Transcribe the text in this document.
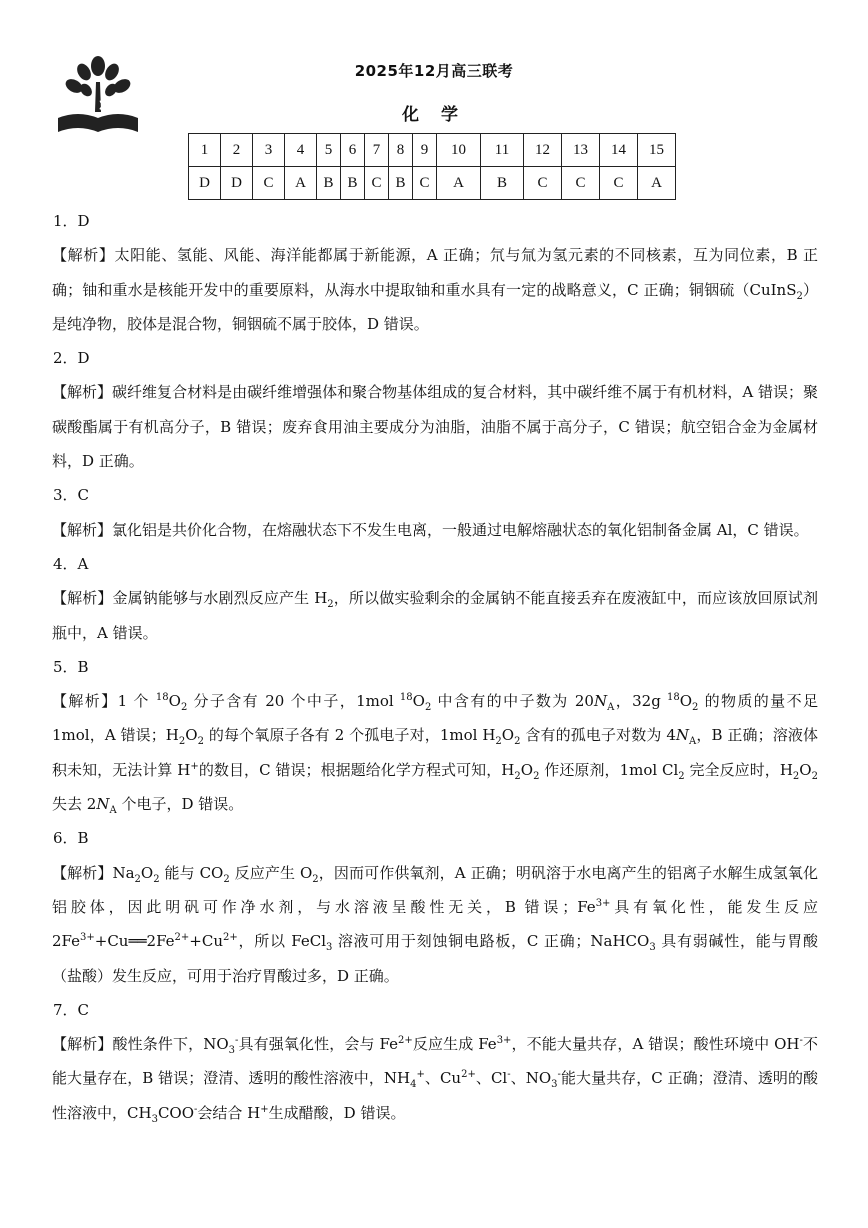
2025年12月高三联考
化 学
1	2	3	4	5	6	7	8	9	10	11	12	13	14	15
D	D	C	A	B	B	C	B	C	A	B	C	C	C	A

1．D

【解析】太阳能、氢能、风能、海洋能都属于新能源，A 正确；氘与氚为氢元素的不同核素，互为同位素，B 正确；铀和重水是核能开发中的重要原料，从海水中提取铀和重水具有一定的战略意义，C 正确；铜铟硫（CuInS$_2$）是纯净物，胶体是混合物，铜铟硫不属于胶体，D 错误。

2．D

【解析】碳纤维复合材料是由碳纤维增强体和聚合物基体组成的复合材料，其中碳纤维不属于有机材料，A 错误；聚碳酸酯属于有机高分子，B 错误；废弃食用油主要成分为油脂，油脂不属于高分子，C 错误；航空铝合金为金属材料，D 正确。

3．C

【解析】氯化铝是共价化合物，在熔融状态下不发生电离，一般通过电解熔融状态的氧化铝制备金属 Al，C 错误。

4．A

【解析】金属钠能够与水剧烈反应产生 $H_2$，所以做实验剩余的金属钠不能直接丢弃在废液缸中，而应该放回原试剂瓶中，A 错误。

5．B

【解析】1 个 $^{18}O_2$ 分子含有 20 个中子，1mol $^{18}O_2$ 中含有的中子数为 $20N_A$，32g $^{18}O_2$ 的物质的量不足 1mol，A 错误；$H_2O_2$ 的每个氧原子各有 2 个孤电子对，1mol $H_2O_2$ 含有的孤电子对数为 $4N_A$，B 正确；溶液体积未知，无法计算 H+的数目，C 错误；根据题给化学方程式可知，$H_2O_2$ 作还原剂，1mol $Cl_2$ 完全反应时，$H_2O_2$ 失去 $2N_A$ 个电子，D 错误。

6．B

【解析】$Na_2O_2$ 能与 $CO_2$ 反应产生 $O_2$，因而可作供氧剂，A 正确；明矾溶于水电离产生的铝离子水解生成氢氧化铝胶体，因此明矾可作净水剂，与水溶液呈酸性无关，B 错误；$Fe^{3+}$具有氧化性，能发生反应 $2Fe^{3+}+Cu══2Fe^{2+}+Cu^{2+}$，所以 FeCl$_3$ 溶液可用于刻蚀铜电路板，C 正确；NaHCO$_3$ 具有弱碱性，能与胃酸（盐酸）发生反应，可用于治疗胃酸过多，D 正确。

7．C

【解析】酸性条件下，$NO_3^-$具有强氧化性，会与 $Fe^{2+}$反应生成 $Fe^{3+}$，不能大量共存，A 错误；酸性环境中 OH-不能大量存在，B 错误；澄清、透明的酸性溶液中，$NH_4^+$、$Cu^{2+}$、Cl-、$NO_3^-$能大量共存，C 正确；澄清、透明的酸性溶液中，$CH_3COO^-$会结合 H+生成醋酸，D 错误。
